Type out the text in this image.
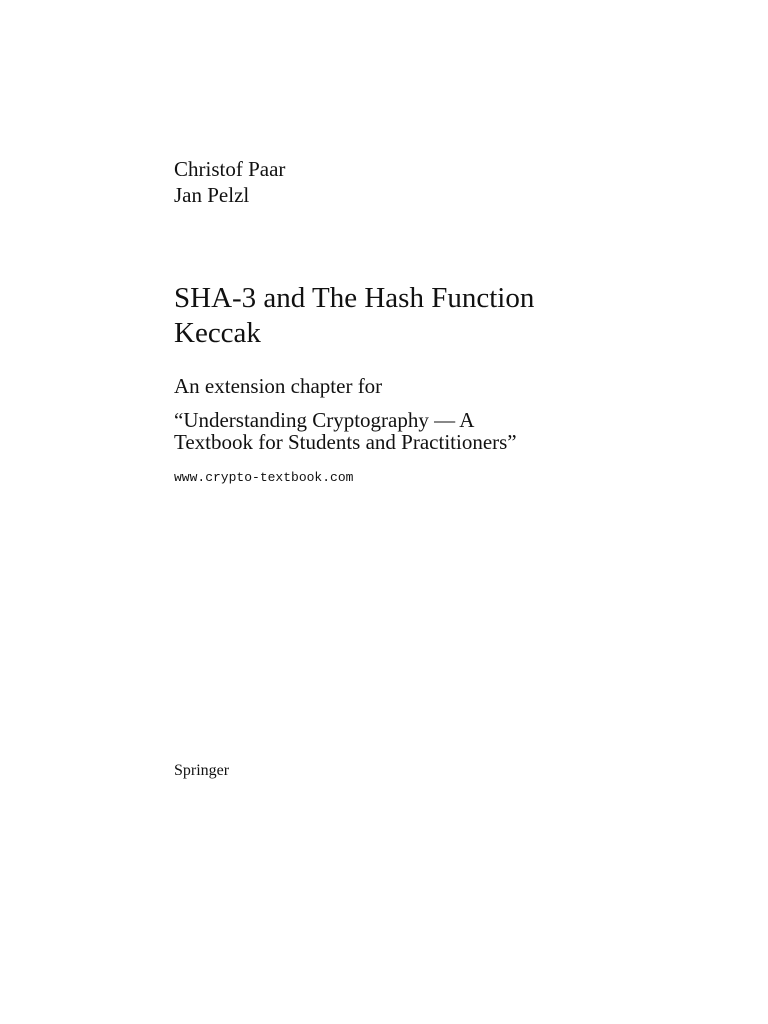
Christof Paar
Jan Pelzl
SHA-3 and The Hash Function
Keccak
An extension chapter for
“Understanding Cryptography — A
Textbook for Students and Practitioners”
www.crypto-textbook.com
Springer
